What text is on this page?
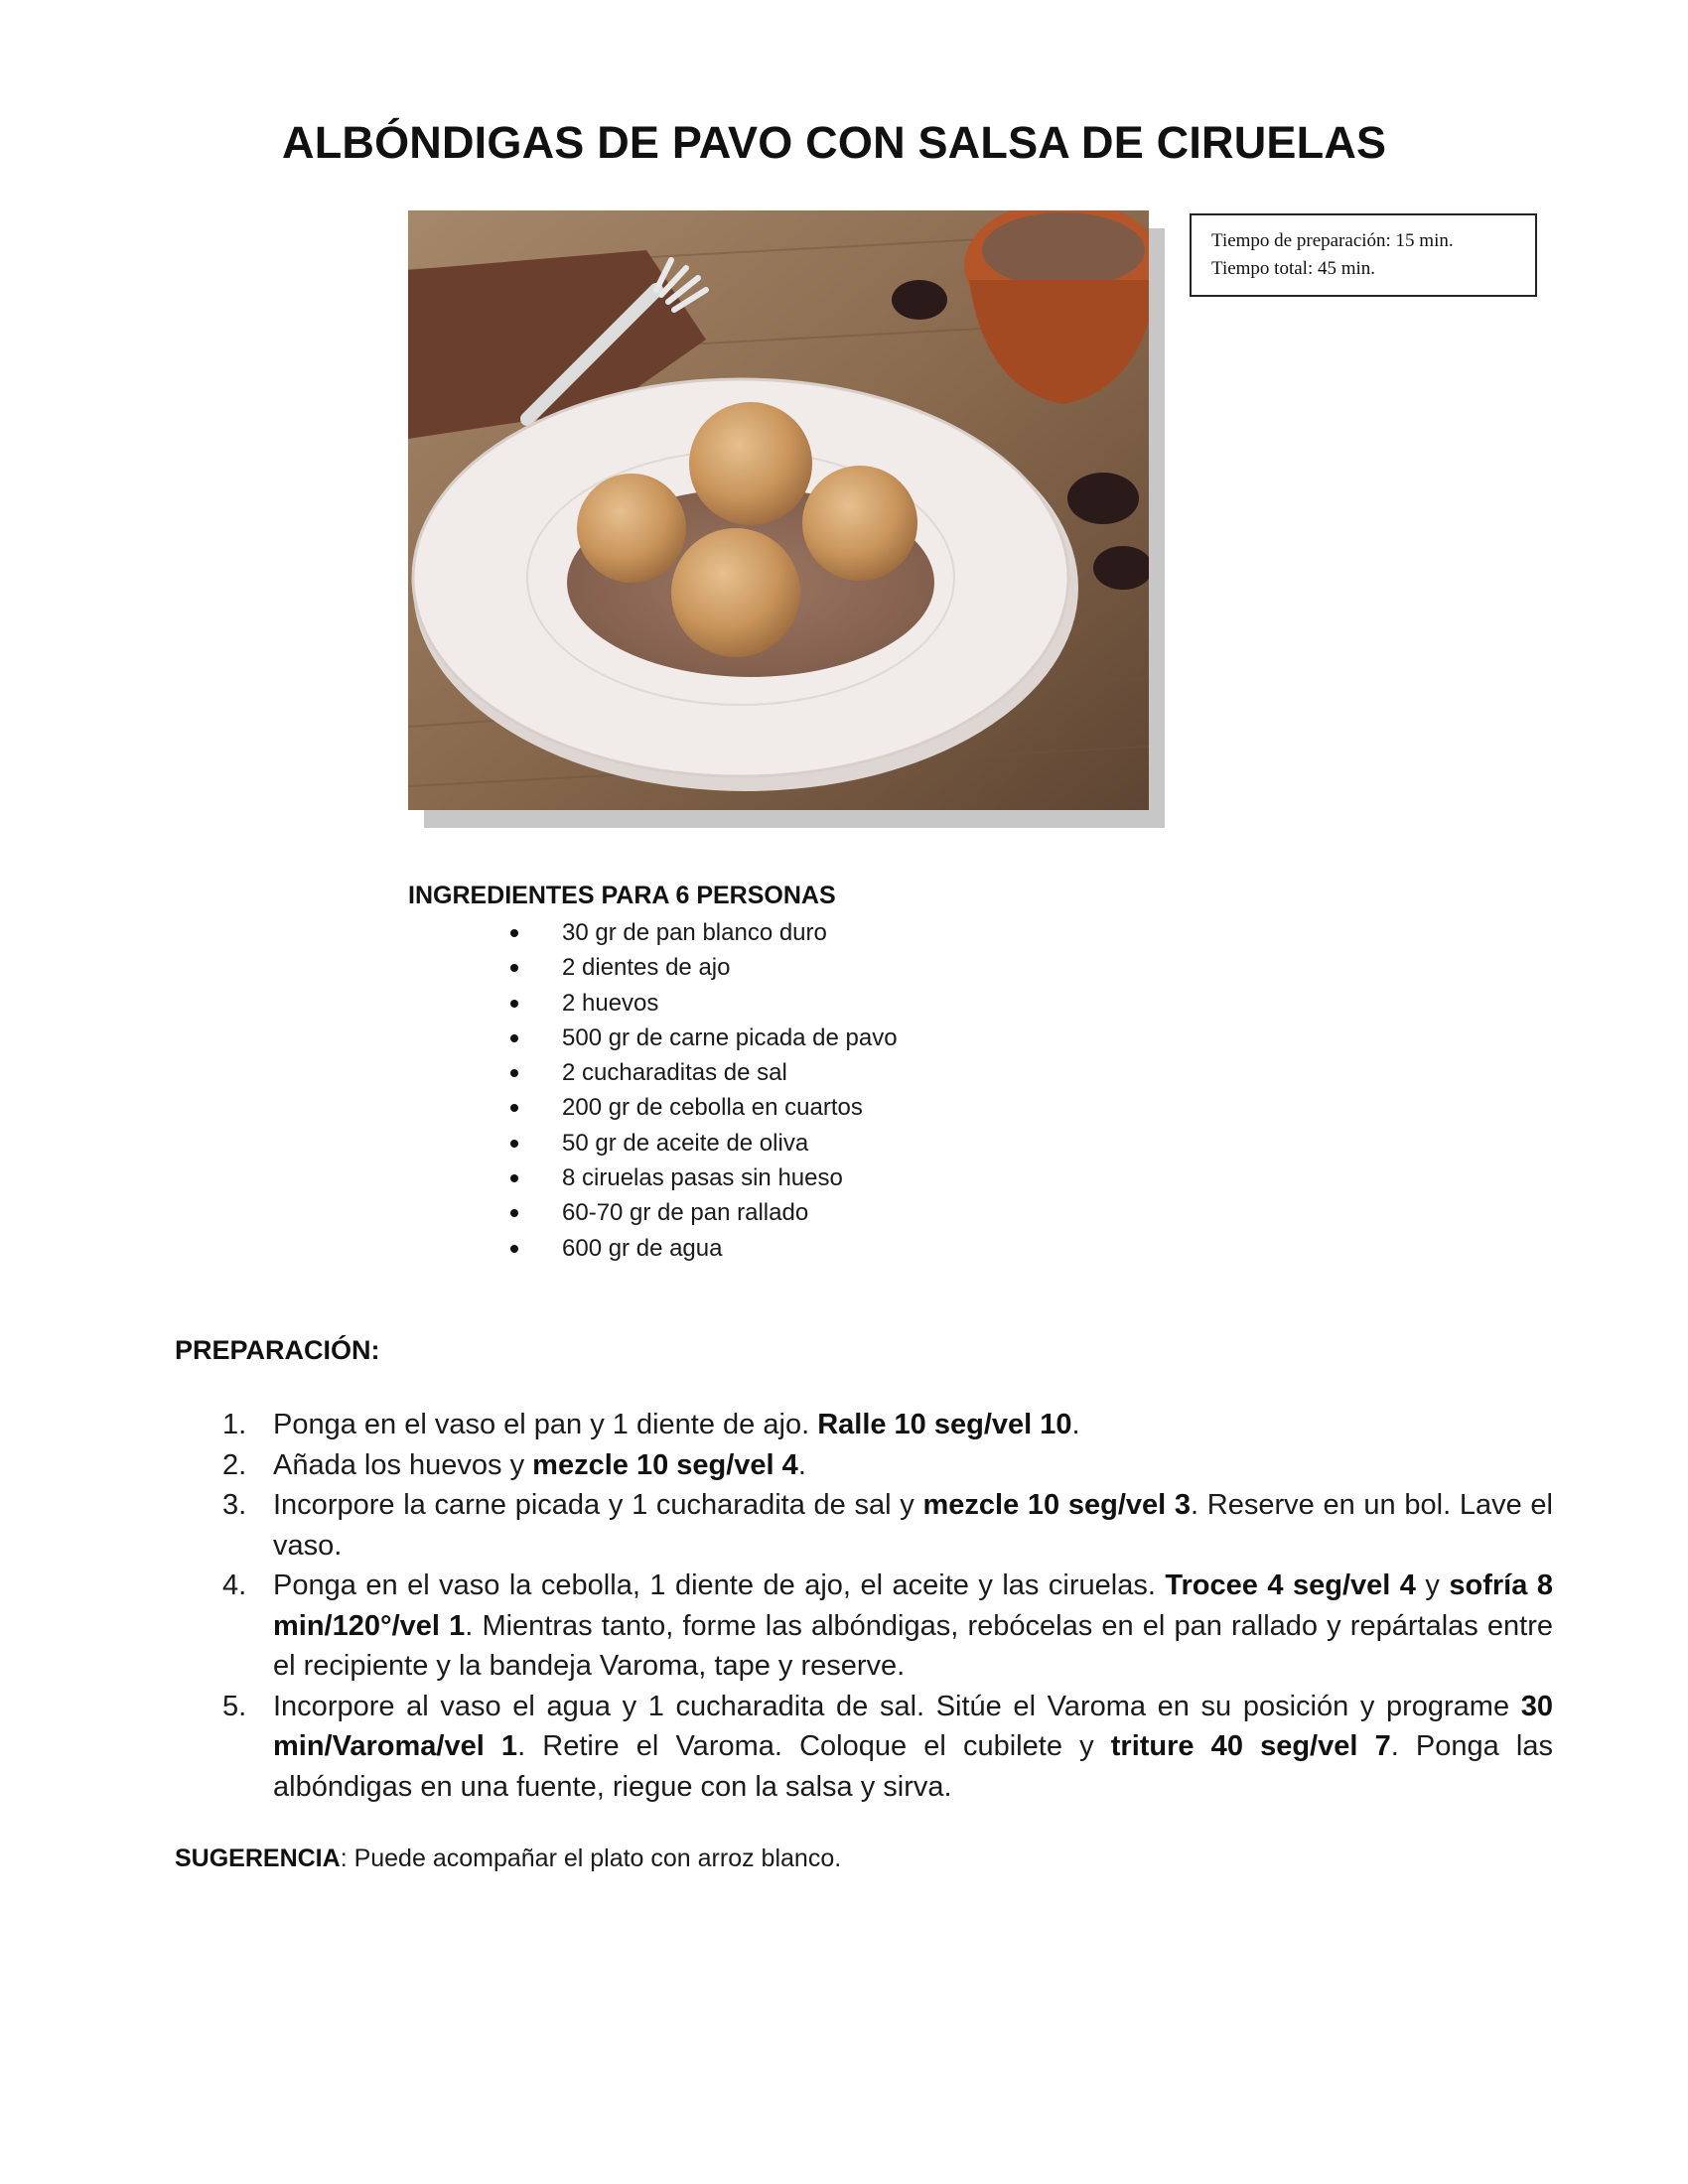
ALBÓNDIGAS DE PAVO CON SALSA DE CIRUELAS
Tiempo de preparación: 15 min.
Tiempo total: 45 min.
INGREDIENTES PARA 6 PERSONAS
30 gr de pan blanco duro
2 dientes de ajo
2 huevos
500 gr de carne picada de pavo
2 cucharaditas de sal
200 gr de cebolla en cuartos
50 gr de aceite de oliva
8 ciruelas pasas sin hueso
60-70 gr de pan rallado
600 gr de agua
PREPARACIÓN:
1. Ponga en el vaso el pan y 1 diente de ajo. Ralle 10 seg/vel 10.
2. Añada los huevos y mezcle 10 seg/vel 4.
3. Incorpore la carne picada y 1 cucharadita de sal y mezcle 10 seg/vel 3. Reserve en un bol. Lave el vaso.
4. Ponga en el vaso la cebolla, 1 diente de ajo, el aceite y las ciruelas. Trocee 4 seg/vel 4 y sofría 8 min/120°/vel 1. Mientras tanto, forme las albóndigas, rebócelas en el pan rallado y repártalas entre el recipiente y la bandeja Varoma, tape y reserve.
5. Incorpore al vaso el agua y 1 cucharadita de sal. Sitúe el Varoma en su posición y programe 30 min/Varoma/vel 1. Retire el Varoma. Coloque el cubilete y triture 40 seg/vel 7. Ponga las albóndigas en una fuente, riegue con la salsa y sirva.

SUGERENCIA: Puede acompañar el plato con arroz blanco.
